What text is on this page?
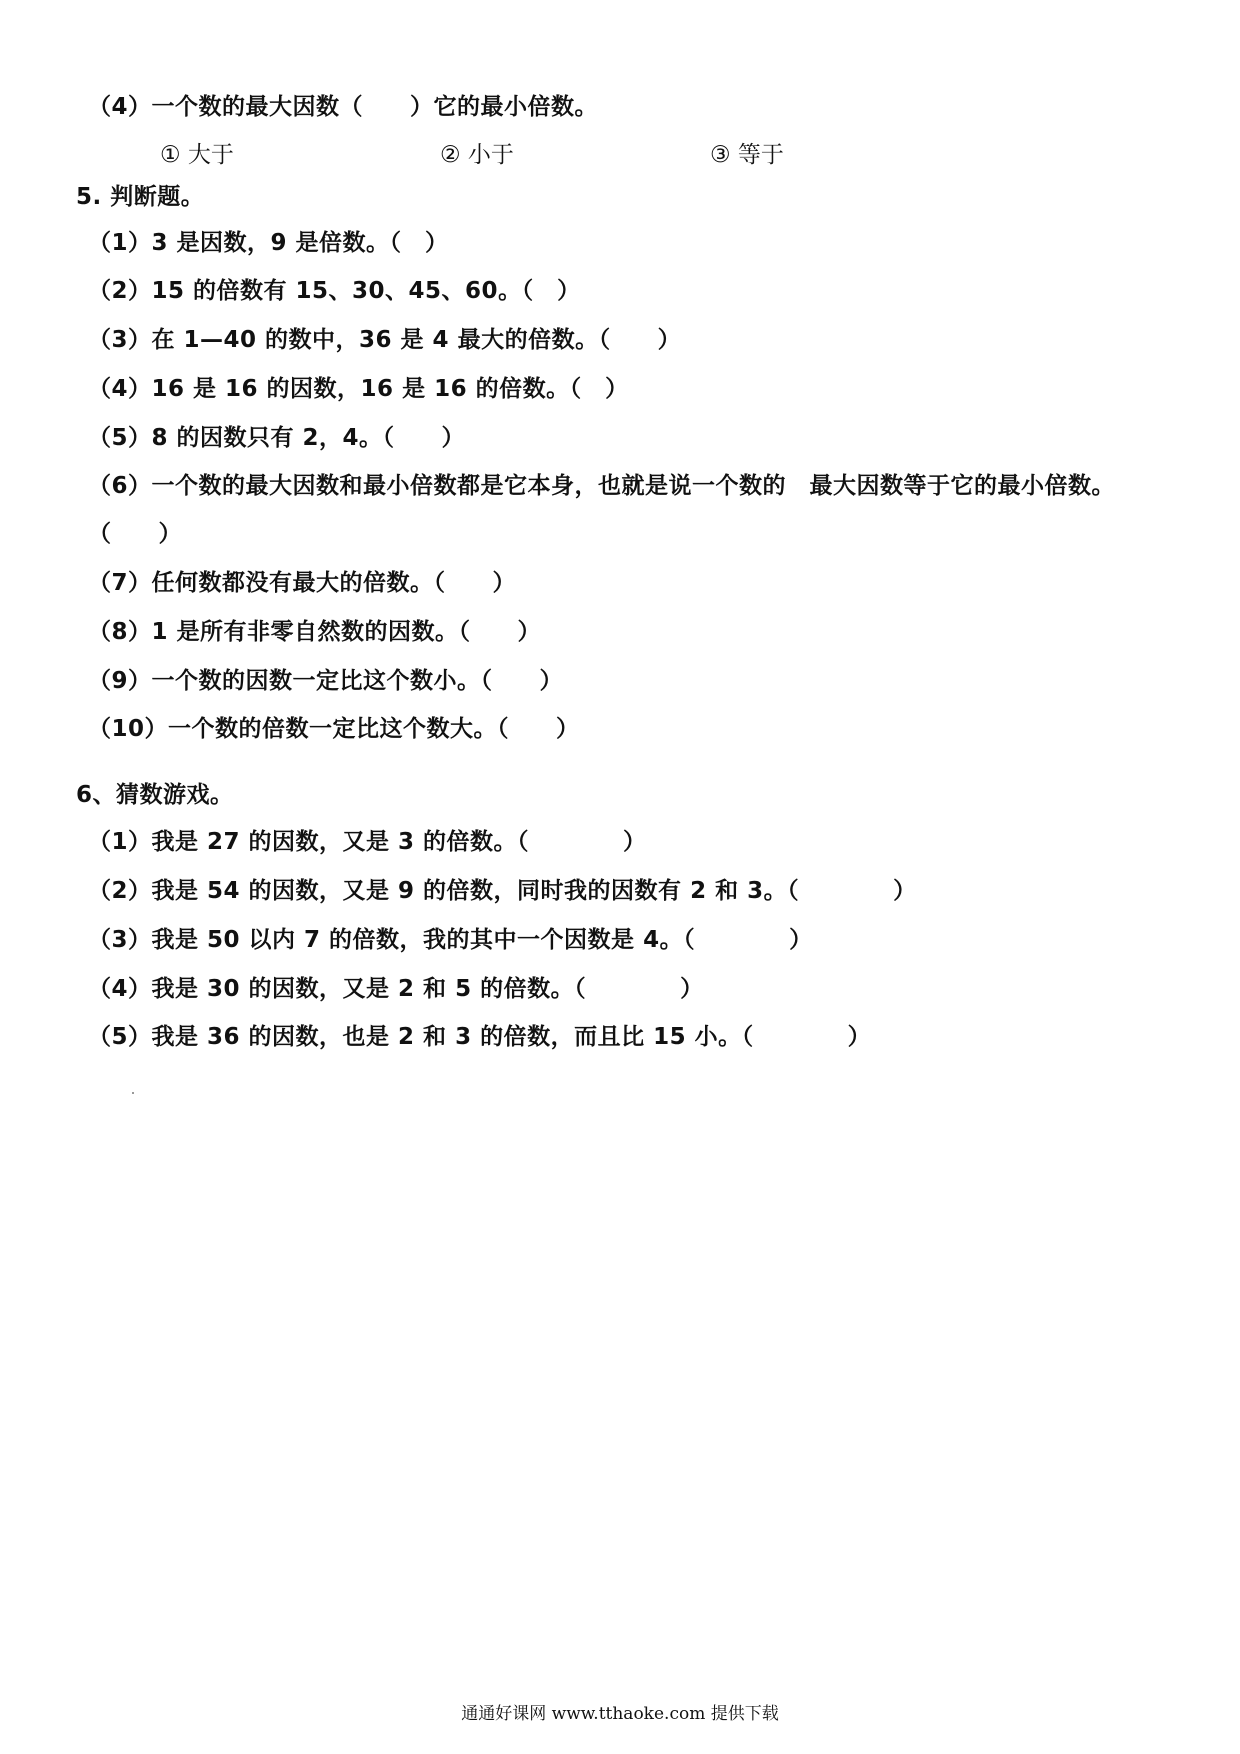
（4）一个数的最大因数（　　）它的最小倍数。
① 大于	② 小于	③ 等于
5. 判断题。
（1）3 是因数，9 是倍数。（　）
（2）15 的倍数有 15、30、45、60。（　）
（3）在 1—40 的数中，36 是 4 最大的倍数。（　　）
（4）16 是 16 的因数，16 是 16 的倍数。（　）
（5）8 的因数只有 2，4。（　　）
（6）一个数的最大因数和最小倍数都是它本身，也就是说一个数的　最大因数等于它的最小倍数。
（　　）
（7）任何数都没有最大的倍数。（　　）
（8）1 是所有非零自然数的因数。（　　）
（9）一个数的因数一定比这个数小。（　　）
（10）一个数的倍数一定比这个数大。（　　）
6、猜数游戏。
（1）我是 27 的因数，又是 3 的倍数。（　　　　）
（2）我是 54 的因数，又是 9 的倍数，同时我的因数有 2 和 3。（　　　　）
（3）我是 50 以内 7 的倍数，我的其中一个因数是 4。（　　　　）
（4）我是 30 的因数，又是 2 和 5 的倍数。（　　　　）
（5）我是 36 的因数，也是 2 和 3 的倍数，而且比 15 小。（　　　　）
通通好课网 www.tthaoke.com 提供下载
